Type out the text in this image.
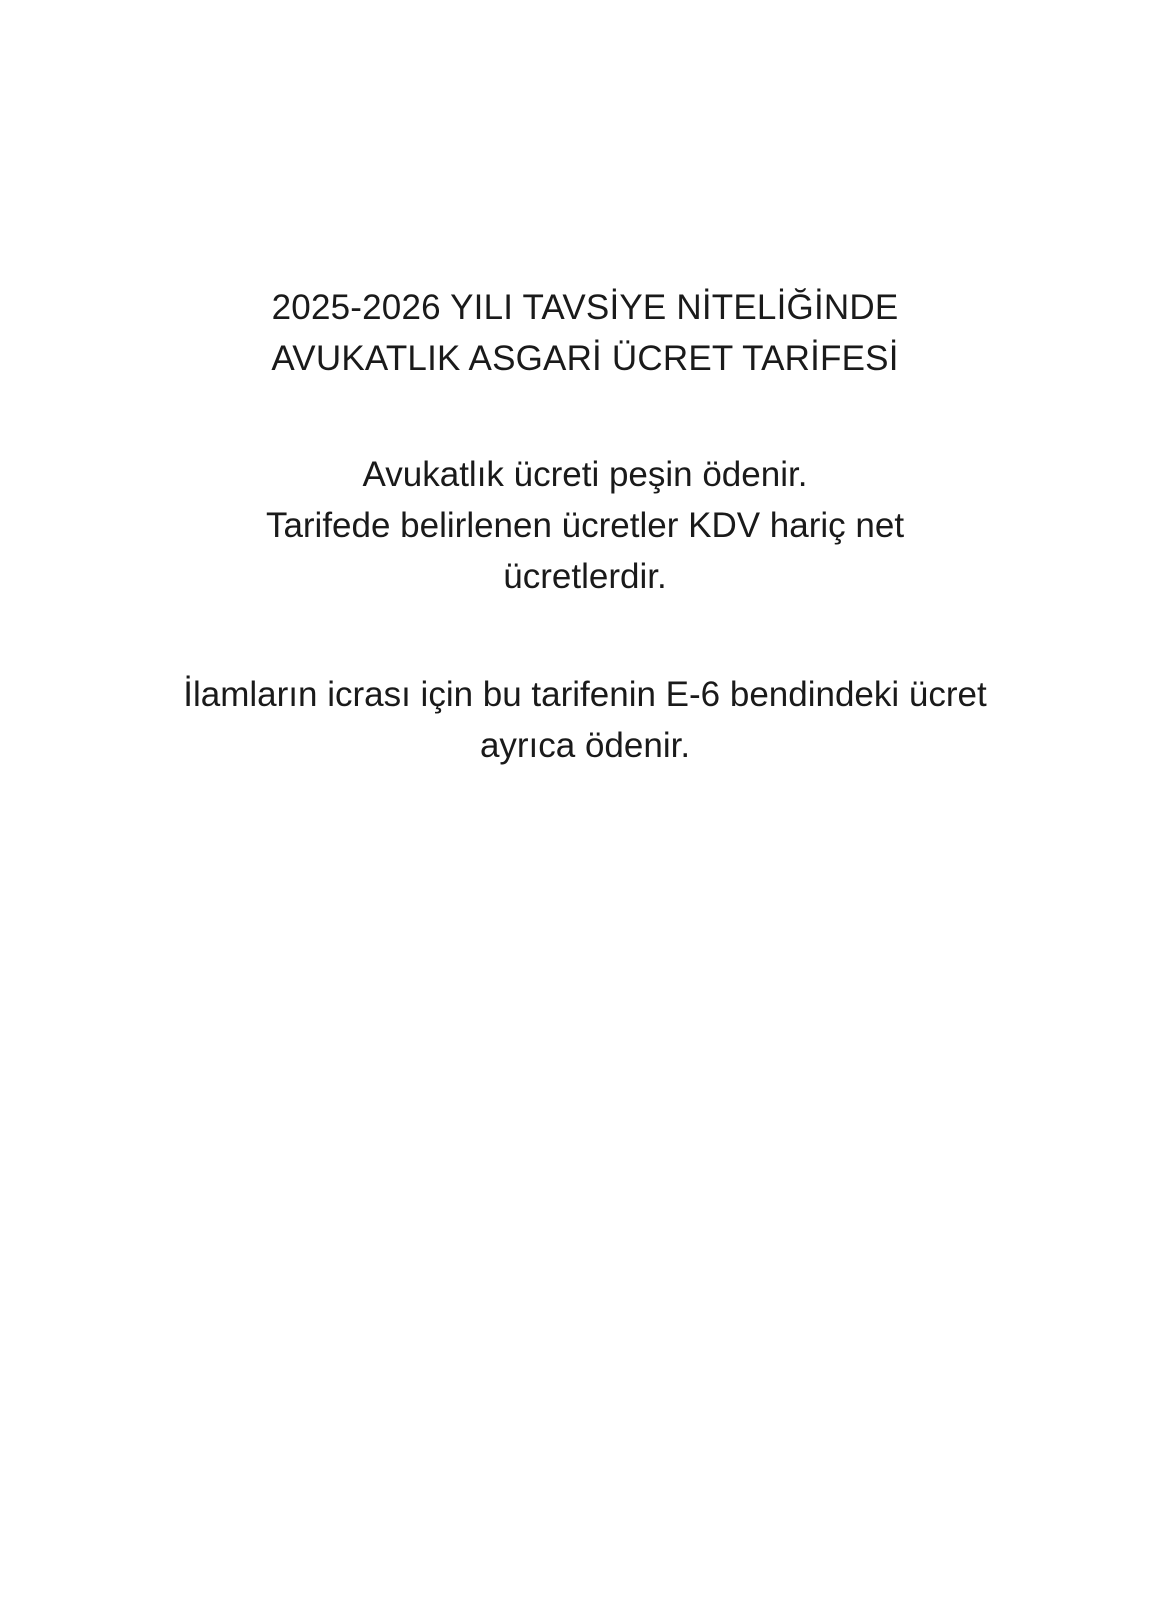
2025-2026 YILI TAVSİYE NİTELİĞİNDE

AVUKATLIK ASGARİ ÜCRET TARİFESİ

Avukatlık ücreti peşin ödenir.

Tarifede belirlenen ücretler KDV hariç net

ücretlerdir.

İlamların icrası için bu tarifenin E-6 bendindeki ücret

ayrıca ödenir.
